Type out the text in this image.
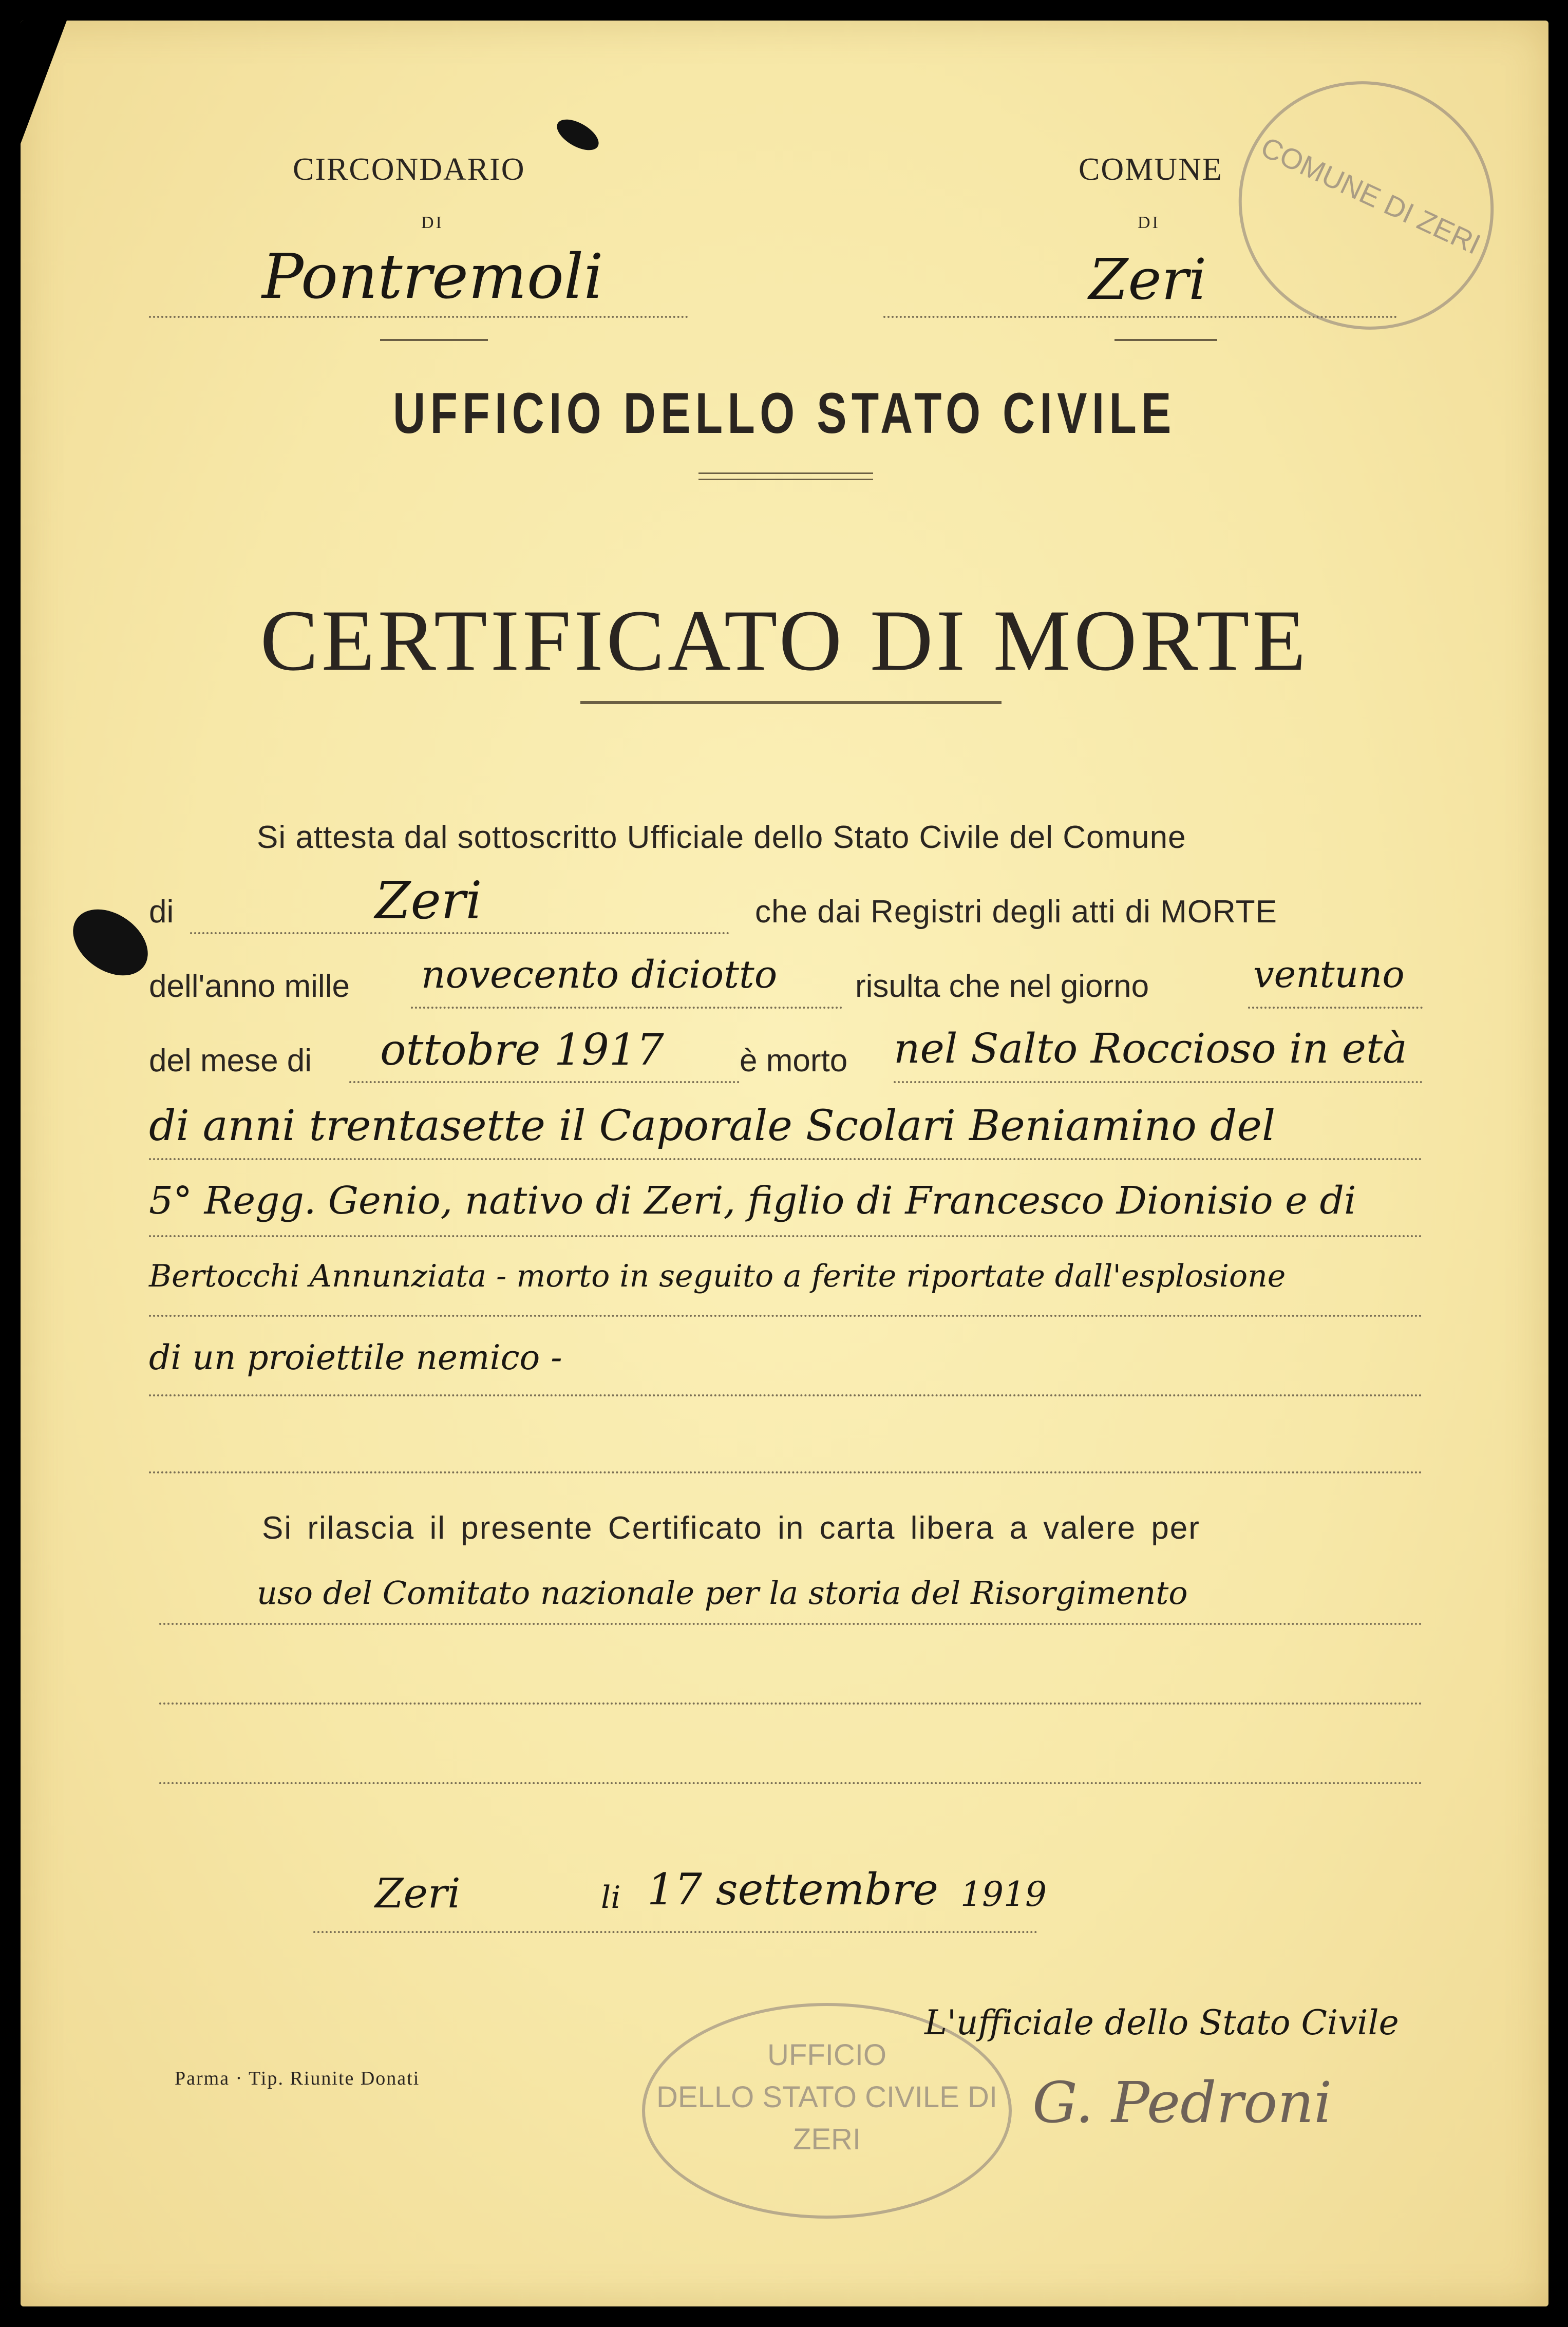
CIRCONDARIO
DI
Pontremoli
COMUNE
DI
Zeri
COMUNE DI ZERI
UFFICIO DELLO STATO CIVILE
CERTIFICATO DI MORTE
Si attesta dal sottoscritto Ufficiale dello Stato Civile del Comune
di	Zeri	che dai Registri degli atti di MORTE
dell'anno mille novecento diciotto risulta che nel giorno	ventuno
del mese di ottobre 1917 è morto nel Salto Roccioso in età
di anni trentasette il Caporale Scolari Beniamino del
5° Regg. Genio, nativo di Zeri, figlio di Francesco Dionisio e di
Bertocchi Annunziata - morto in seguito a ferite riportate dall'esplosione
di un proiettile nemico -
Si rilascia il presente Certificato in carta libera a valere per
uso del Comitato nazionale per la storia del Risorgimento
Zeri	li 17 settembre 1919
Parma · Tip. Riunite Donati
UFFICIO
DELLO STATO CIVILE DI
ZERI
L'ufficiale dello Stato Civile
G. Pedroni
